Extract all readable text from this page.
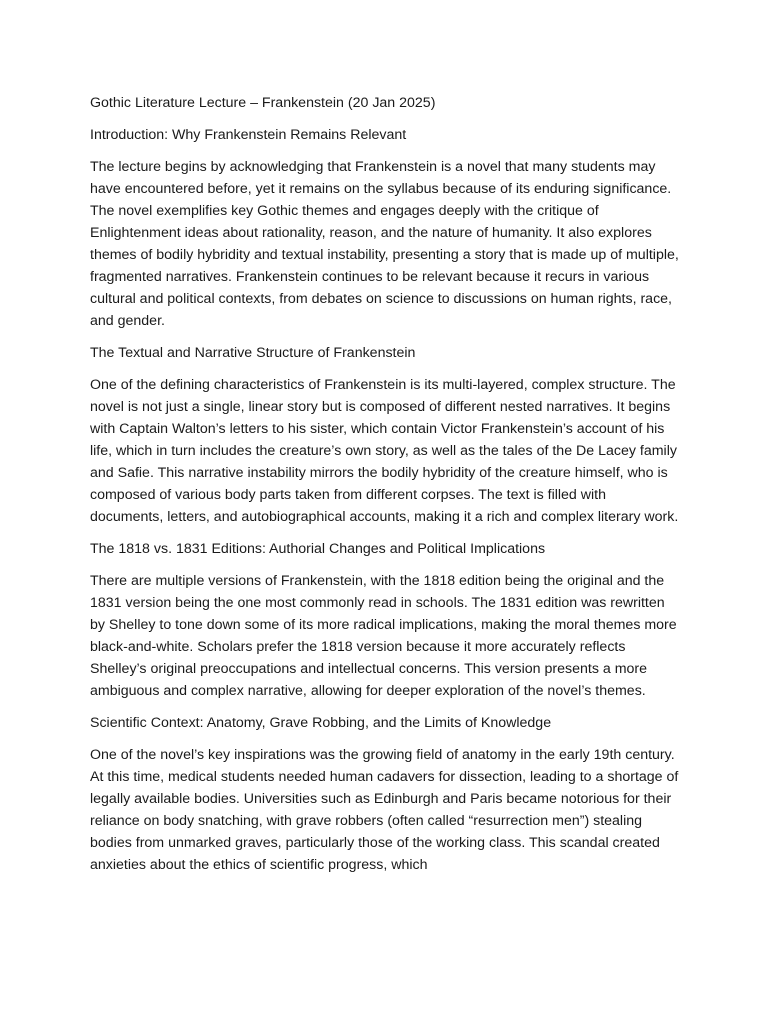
Gothic Literature Lecture – Frankenstein (20 Jan 2025)

Introduction: Why Frankenstein Remains Relevant

The lecture begins by acknowledging that Frankenstein is a novel that many students may have encountered before, yet it remains on the syllabus because of its enduring significance. The novel exemplifies key Gothic themes and engages deeply with the critique of Enlightenment ideas about rationality, reason, and the nature of humanity. It also explores themes of bodily hybridity and textual instability, presenting a story that is made up of multiple, fragmented narratives. Frankenstein continues to be relevant because it recurs in various cultural and political contexts, from debates on science to discussions on human rights, race, and gender.

The Textual and Narrative Structure of Frankenstein

One of the defining characteristics of Frankenstein is its multi-layered, complex structure. The novel is not just a single, linear story but is composed of different nested narratives. It begins with Captain Walton’s letters to his sister, which contain Victor Frankenstein’s account of his life, which in turn includes the creature’s own story, as well as the tales of the De Lacey family and Safie. This narrative instability mirrors the bodily hybridity of the creature himself, who is composed of various body parts taken from different corpses. The text is filled with documents, letters, and autobiographical accounts, making it a rich and complex literary work.

The 1818 vs. 1831 Editions: Authorial Changes and Political Implications

There are multiple versions of Frankenstein, with the 1818 edition being the original and the 1831 version being the one most commonly read in schools. The 1831 edition was rewritten by Shelley to tone down some of its more radical implications, making the moral themes more black-and-white. Scholars prefer the 1818 version because it more accurately reflects Shelley’s original preoccupations and intellectual concerns. This version presents a more ambiguous and complex narrative, allowing for deeper exploration of the novel’s themes.

Scientific Context: Anatomy, Grave Robbing, and the Limits of Knowledge

One of the novel’s key inspirations was the growing field of anatomy in the early 19th century. At this time, medical students needed human cadavers for dissection, leading to a shortage of legally available bodies. Universities such as Edinburgh and Paris became notorious for their reliance on body snatching, with grave robbers (often called “resurrection men”) stealing bodies from unmarked graves, particularly those of the working class. This scandal created anxieties about the ethics of scientific progress, which
